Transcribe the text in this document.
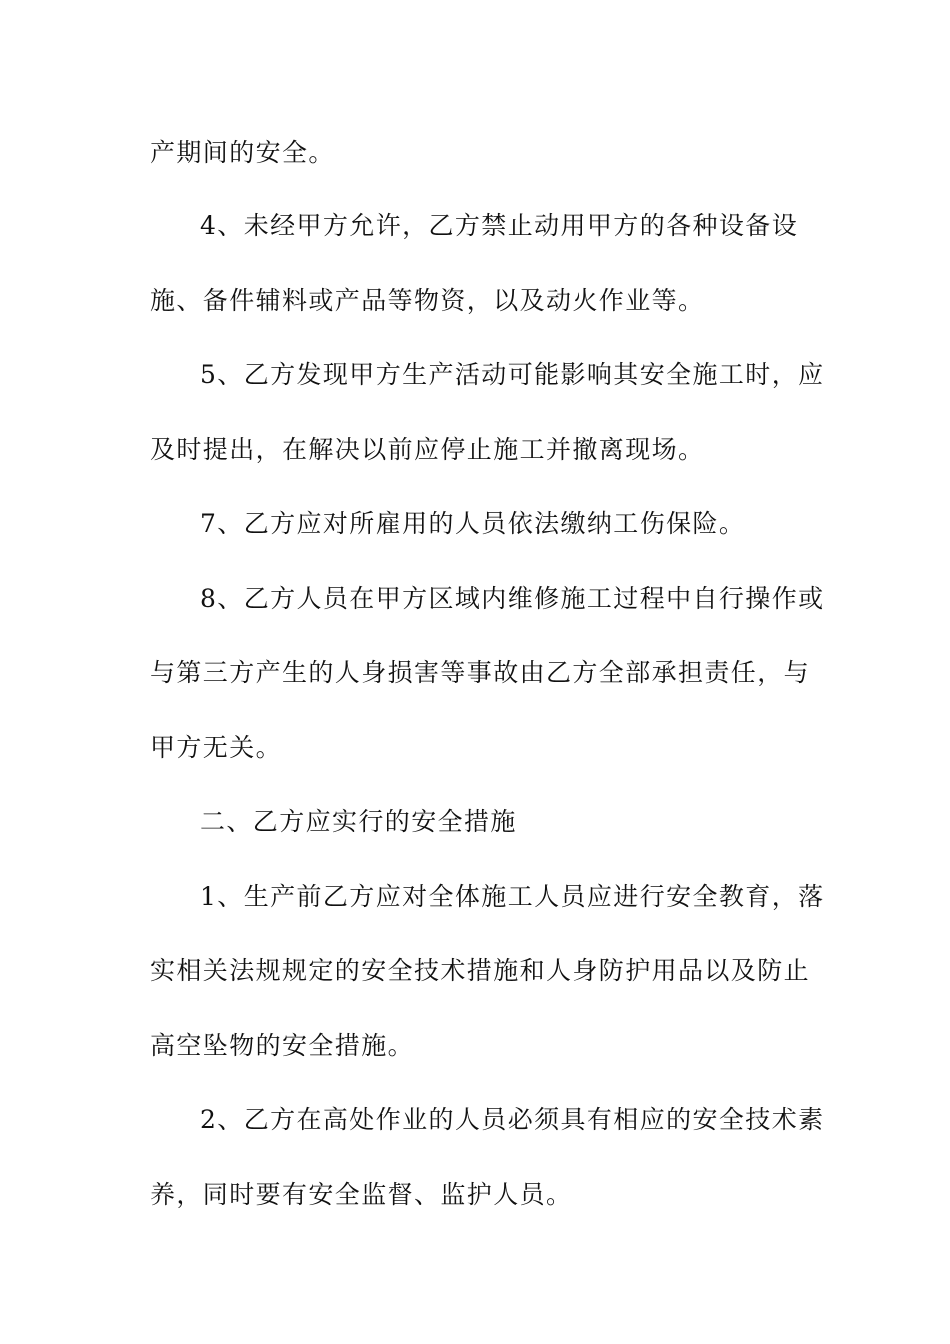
产期间的安全。
4、未经甲方允许，乙方禁止动用甲方的各种设备设
施、备件辅料或产品等物资，以及动火作业等。
5、乙方发现甲方生产活动可能影响其安全施工时，应
及时提出，在解决以前应停止施工并撤离现场。
7、乙方应对所雇用的人员依法缴纳工伤保险。
8、乙方人员在甲方区域内维修施工过程中自行操作或
与第三方产生的人身损害等事故由乙方全部承担责任，与
甲方无关。
二、乙方应实行的安全措施
1、生产前乙方应对全体施工人员应进行安全教育，落
实相关法规规定的安全技术措施和人身防护用品以及防止
高空坠物的安全措施。
2、乙方在高处作业的人员必须具有相应的安全技术素
养，同时要有安全监督、监护人员。
